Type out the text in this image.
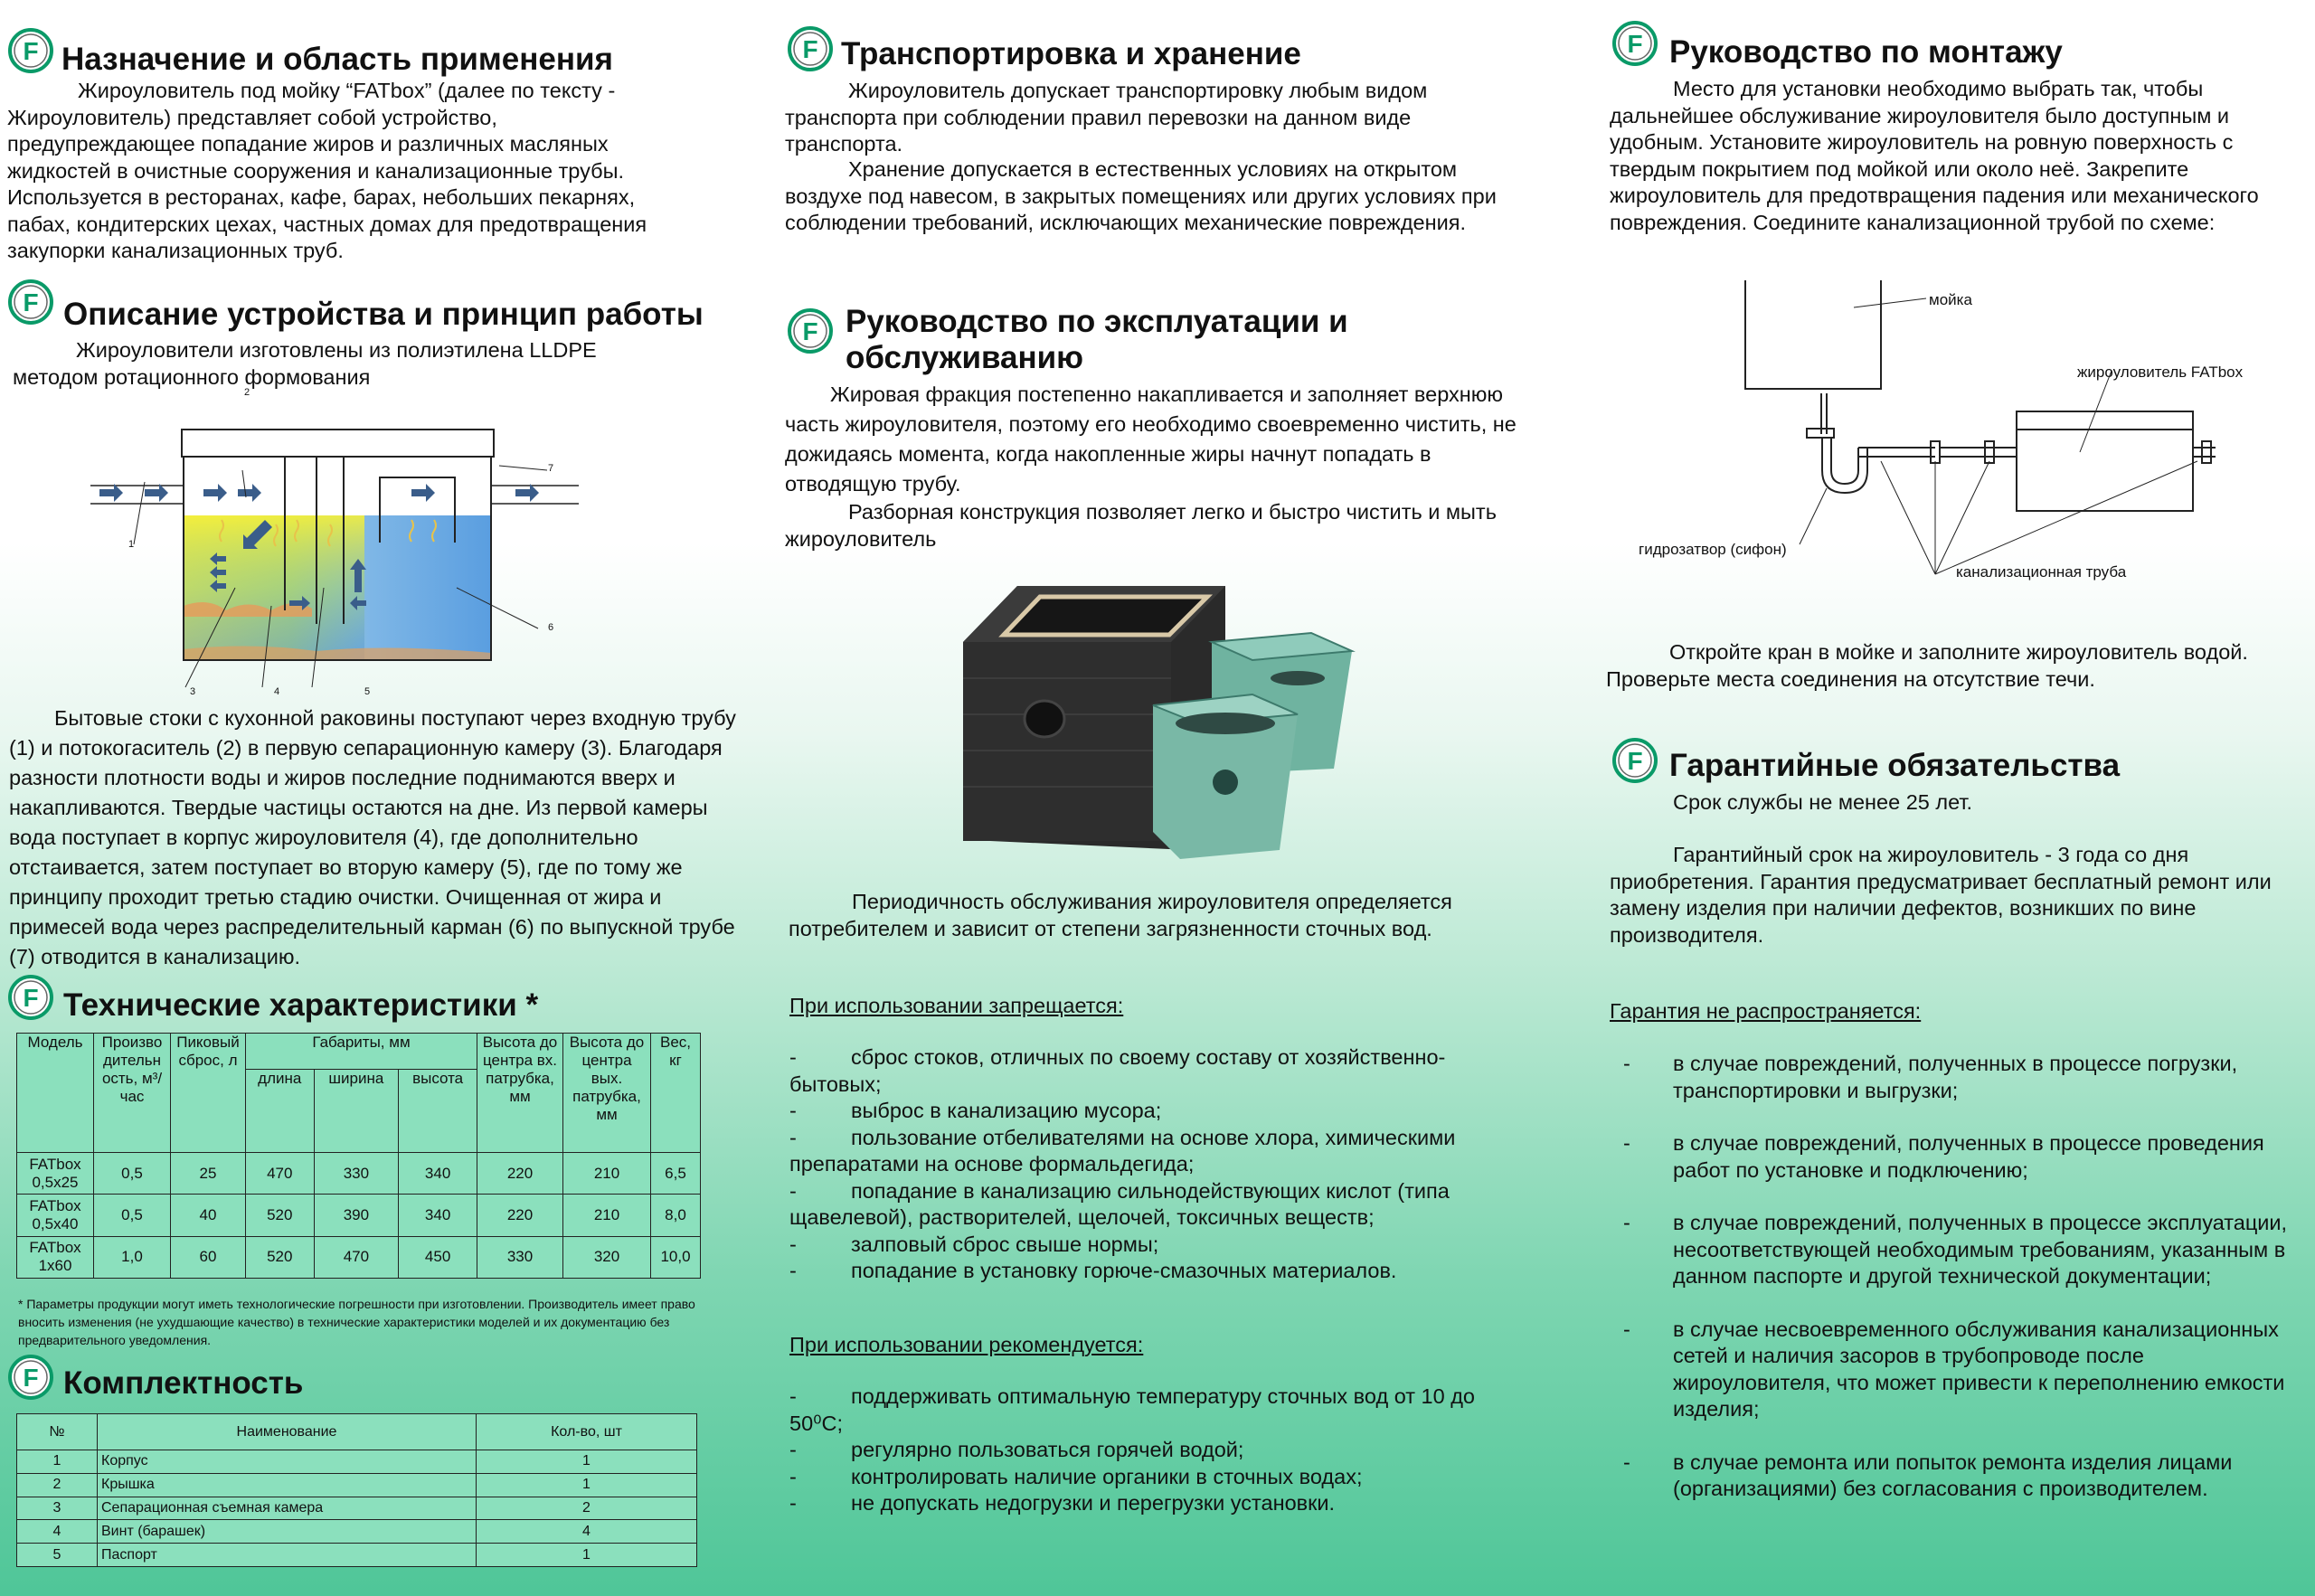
Назначение и область применения
Жироуловитель под мойку “FATbox” (далее по тексту - Жироуловитель) представляет собой устройство, предупреждающее попадание жиров и различных масляных жидкостей в очистные сооружения и канализационные трубы. Используется в ресторанах, кафе, барах, небольших пекарнях, пабах, кондитерских цехах, частных домах для предотвращения закупорки канализационных труб.
Описание устройства и принцип работы
Жироуловители изготовлены из полиэтилена LLDPE методом ротационного формования
1
2
3	4	5
6
7
Бытовые стоки с кухонной раковины поступают через входную трубу (1) и потокогаситель (2) в первую сепарационную камеру (3). Благодаря разности плотности воды и жиров последние поднимаются вверх и накапливаются. Твердые частицы остаются на дне. Из первой камеры вода поступает в корпус жироуловителя (4), где дополнительно отстаивается, затем поступает во вторую камеру (5), где по тому же принципу проходит третью стадию очистки. Очищенная от жира и примесей вода через распределительный карман (6) по выпускной трубе (7) отводится в канализацию.
Технические характеристики *
Модель	Произво дительн ость, м³/час	Пиковый сброс, л	Габариты, мм			Высота до центра вх. патрубка, мм	Высота до центра вых. патрубка, мм	Вес, кг
			длина	ширина	высота			
FATbox 0,5x25	0,5	25	470	330	340	220	210	6,5
FATbox 0,5x40	0,5	40	520	390	340	220	210	8,0
FATbox 1x60	1,0	60	520	470	450	330	320	10,0
* Параметры продукции могут иметь технологические погрешности при изготовлении. Производитель имеет право вносить изменения (не ухудшающие качество) в технические характеристики моделей и их документацию без предварительного уведомления.
Комплектность
№	Наименование	Кол-во, шт
1	Корпус	1
2	Крышка	1
3	Сепарационная съемная камера	2
4	Винт (барашек)	4
5	Паспорт	1
Транспортировка и хранение
Жироуловитель допускает транспортировку любым видом транспорта при соблюдении правил перевозки на данном виде транспорта.
Хранение допускается в естественных условиях на открытом воздухе под навесом, в закрытых помещениях или других условиях при соблюдении требований, исключающих механические повреждения.
Руководство по эксплуатации и
обслуживанию
Жировая фракция постепенно накапливается и заполняет верхнюю часть жироуловителя, поэтому его необходимо своевременно чистить, не дожидаясь момента, когда накопленные жиры начнут попадать в отводящую трубу.
Разборная конструкция позволяет легко и быстро чистить и мыть жироуловитель
Периодичность обслуживания жироуловителя определяется потребителем и зависит от степени загрязненности сточных вод.
При использовании запрещается:
-	сброс стоков, отличных по своему составу от хозяйственно-бытовых;
-	выброс в канализацию мусора;
-	пользование отбеливателями на основе хлора, химическими препаратами на основе формальдегида;
-	попадание в канализацию сильнодействующих кислот (типа щавелевой), растворителей, щелочей, токсичных веществ;
-	залповый сброс свыше нормы;
-	попадание в установку горюче-смазочных материалов.
При использовании рекомендуется:
-	поддерживать оптимальную температуру сточных вод от 10 до 50⁰С;
-	регулярно пользоваться горячей водой;
-	контролировать наличие органики в сточных водах;
-	не допускать недогрузки и перегрузки установки.
Руководство по монтажу
Место для установки необходимо выбрать так, чтобы дальнейшее обслуживание жироуловителя было доступным и удобным. Установите жироуловитель на ровную поверхность с твердым покрытием под мойкой или около неё. Закрепите жироуловитель для предотвращения падения или механического повреждения. Соедините канализационной трубой по схеме:
мойка
жироуловитель FATbox
гидрозатвор (сифон)
канализационная труба
Откройте кран в мойке и заполните жироуловитель водой. Проверьте места соединения на отсутствие течи.
Гарантийные обязательства
Срок службы не менее 25 лет.
Гарантийный срок на жироуловитель - 3 года со дня приобретения. Гарантия предусматривает бесплатный ремонт или замену изделия при наличии дефектов, возникших по вине производителя.
Гарантия не распространяется:
-	в случае повреждений, полученных в процессе погрузки, транспортировки и выгрузки;
-	в случае повреждений, полученных в процессе проведения работ по установке и подключению;
-	в случае повреждений, полученных в процессе эксплуатации, несоответствующей необходимым требованиям, указанным в данном паспорте и другой технической документации;
-	в случае несвоевременного обслуживания канализационных сетей и наличия засоров в трубопроводе после жироуловителя, что может привести к переполнению емкости изделия;
-	в случае ремонта или попыток ремонта изделия лицами (организациями) без согласования с производителем.
